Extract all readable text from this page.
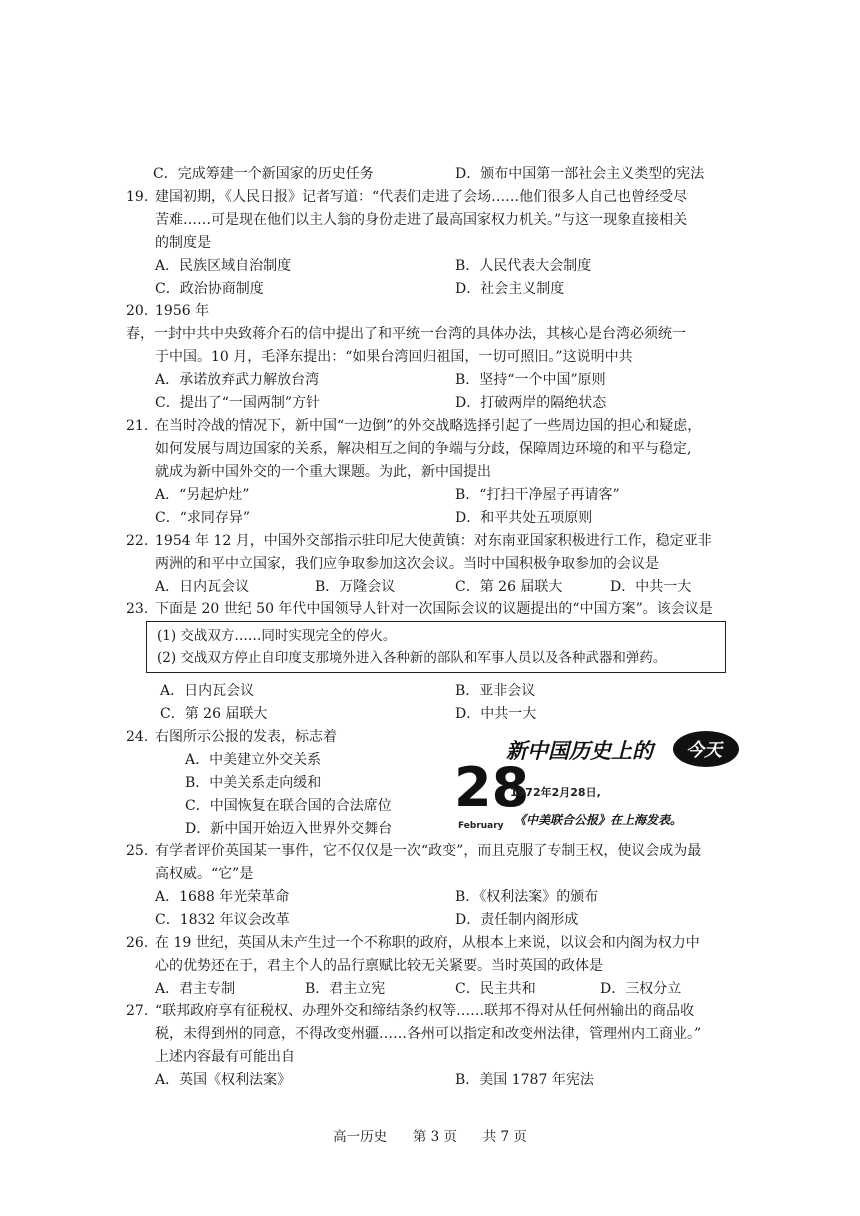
C．完成筹建一个新国家的历史任务	D．颁布中国第一部社会主义类型的宪法
19. 建国初期，《人民日报》记者写道：“代表们走进了会场……他们很多人自己也曾经受尽
苦难……可是现在他们以主人翁的身份走进了最高国家权力机关。”与这一现象直接相关
的制度是
A．民族区域自治制度	B．人民代表大会制度
C．政治协商制度	D．社会主义制度
20. 1956 年
春，一封中共中央致蒋介石的信中提出了和平统一台湾的具体办法，其核心是台湾必须统一
于中国。10 月，毛泽东提出：“如果台湾回归祖国，一切可照旧。”这说明中共
A．承诺放弃武力解放台湾	B．坚持“一个中国”原则
C．提出了“一国两制”方针	D．打破两岸的隔绝状态
21. 在当时冷战的情况下，新中国“一边倒”的外交战略选择引起了一些周边国的担心和疑虑，
如何发展与周边国家的关系，解决相互之间的争端与分歧，保障周边环境的和平与稳定,
就成为新中国外交的一个重大课题。为此，新中国提出
A．“另起炉灶”	B．“打扫干净屋子再请客”
C．“求同存异”	D．和平共处五项原则
22. 1954 年 12 月，中国外交部指示驻印尼大使黄镇：对东南亚国家积极进行工作，稳定亚非
两洲的和平中立国家，我们应争取参加这次会议。当时中国积极争取参加的会议是
A．日内瓦会议	B．万隆会议	C．第 26 届联大	D．中共一大
23. 下面是 20 世纪 50 年代中国领导人针对一次国际会议的议题提出的“中国方案”。该会议是
(1) 交战双方……同时实现完全的停火。
(2) 交战双方停止自印度支那境外进入各种新的部队和军事人员以及各种武器和弹药。
A．日内瓦会议	B．亚非会议
C．第 26 届联大	D．中共一大
24. 右图所示公报的发表，标志着
A．中美建立外交关系
B．中美关系走向缓和
C．中国恢复在联合国的合法席位
D．新中国开始迈入世界外交舞台
28
February
新中国历史上的 今天
1972年2月28日,
《中美联合公报》在上海发表。
25. 有学者评价英国某一事件，它不仅仅是一次“政变”，而且克服了专制王权，使议会成为最
高权威。“它”是
A．1688 年光荣革命	B．《权利法案》的颁布
C．1832 年议会改革	D．责任制内阁形成
26. 在 19 世纪，英国从未产生过一个不称职的政府，从根本上来说，以议会和内阁为权力中
心的优势还在于，君主个人的品行禀赋比较无关紧要。当时英国的政体是
A．君主专制	B．君主立宪	C．民主共和	D．三权分立
27. “联邦政府享有征税权、办理外交和缔结条约权等……联邦不得对从任何州输出的商品收
税，未得到州的同意，不得改变州疆……各州可以指定和改变州法律，管理州内工商业。”
上述内容最有可能出自
A．英国《权利法案》	B．美国 1787 年宪法
高一历史 第 3 页 共 7 页
